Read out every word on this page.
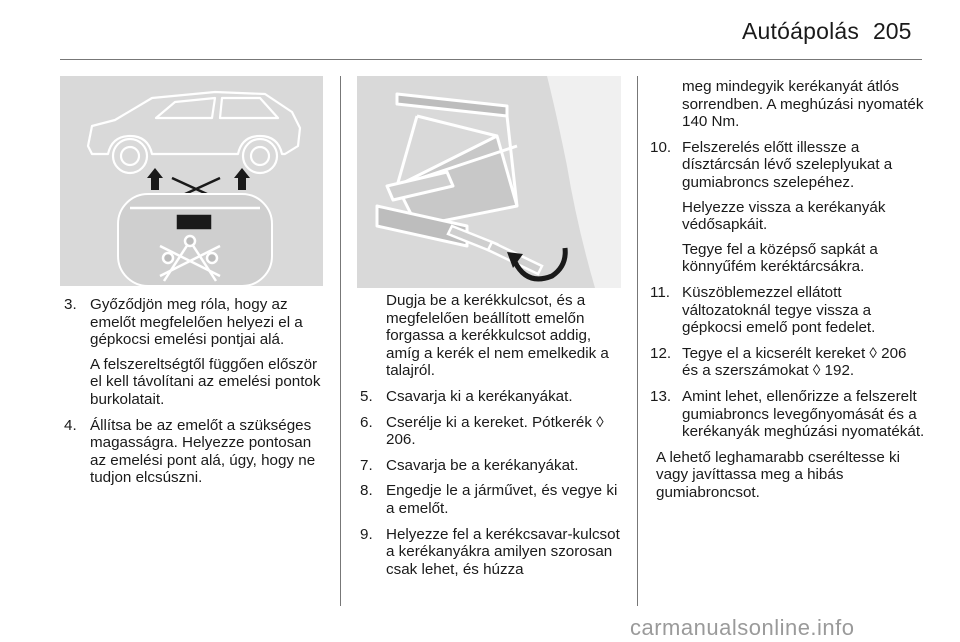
Autóápolás 205
3. Győződjön meg róla, hogy az emelőt megfelelően helyezi el a gépkocsi emelési pontjai alá.
A felszereltségtől függően először el kell távolítani az emelési pontok burkolatait.
4. Állítsa be az emelőt a szükséges magasságra. Helyezze pontosan az emelési pont alá, úgy, hogy ne tudjon elcsúszni.
Dugja be a kerékkulcsot, és a megfelelően beállított emelőn forgassa a kerékkulcsot addig, amíg a kerék el nem emelkedik a talajról.
5. Csavarja ki a kerékanyákat.
6. Cserélje ki a kereket. Pótkerék ◊ 206.
7. Csavarja be a kerékanyákat.
8. Engedje le a járművet, és vegye ki a emelőt.
9. Helyezze fel a kerékcsavar-kulcsot a kerékanyákra amilyen szorosan csak lehet, és húzza
meg mindegyik kerékanyát átlós sorrendben. A meghúzási nyomaték 140 Nm.
10. Felszerelés előtt illessze a dísztárcsán lévő szeleplyukat a gumiabroncs szelepéhez.
Helyezze vissza a kerékanyák védősapkáit.
Tegye fel a középső sapkát a könnyűfém keréktárcsákra.
11. Küszöblemezzel ellátott változatoknál tegye vissza a gépkocsi emelő pont fedelet.
12. Tegye el a kicserélt kereket ◊ 206 és a szerszámokat ◊ 192.
13. Amint lehet, ellenőrizze a felszerelt gumiabroncs levegőnyomását és a kerékanyák meghúzási nyomatékát.
A lehető leghamarabb cseréltesse ki vagy javíttassa meg a hibás gumiabroncsot.
carmanualsonline.info
